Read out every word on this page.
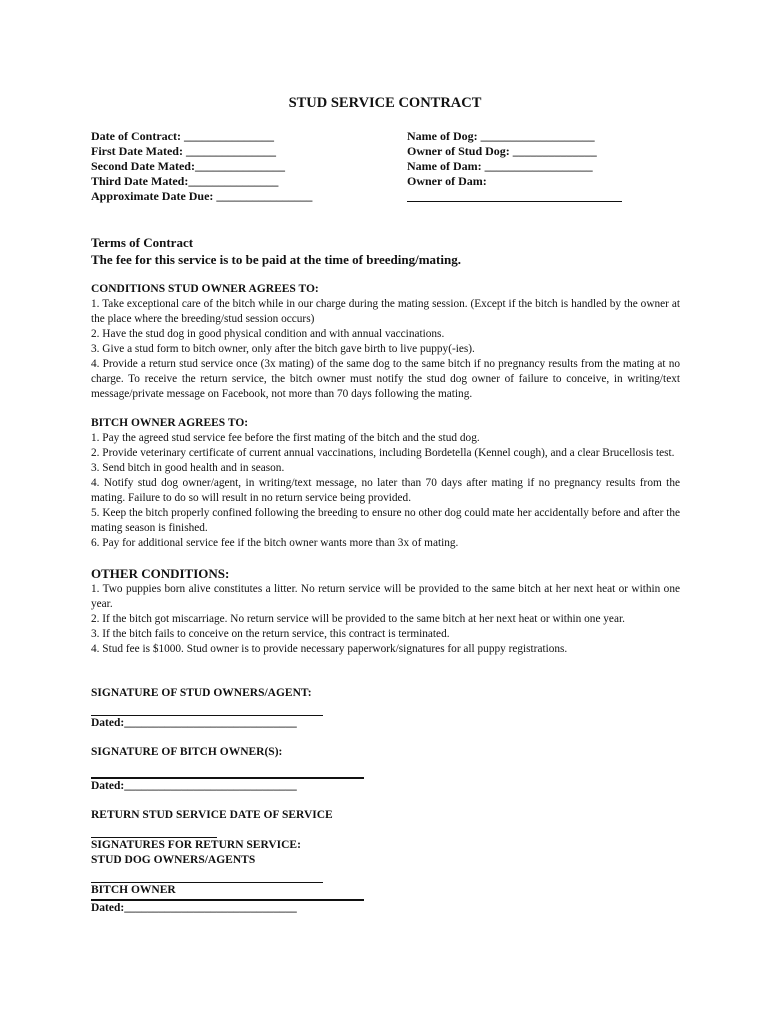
STUD SERVICE CONTRACT
Date of Contract: _______________
First Date Mated: _______________
Second Date Mated:_______________
Third Date Mated:_______________
Approximate Date Due: ________________
Name of Dog: ___________________
Owner of Stud Dog: ______________
Name of Dam: __________________
Owner of Dam:
Terms of Contract
The fee for this service is to be paid at the time of breeding/mating.
CONDITIONS STUD OWNER AGREES TO:
1. Take exceptional care of the bitch while in our charge during the mating session. (Except if the bitch is handled by the owner at the place where the breeding/stud session occurs)
2. Have the stud dog in good physical condition and with annual vaccinations.
3. Give a stud form to bitch owner, only after the bitch gave birth to live puppy(-ies).
4. Provide a return stud service once (3x mating) of the same dog to the same bitch if no pregnancy results from the mating at no charge. To receive the return service, the bitch owner must notify the stud dog owner of failure to conceive, in writing/text message/private message on Facebook, not more than 70 days following the mating.
BITCH OWNER AGREES TO:
1. Pay the agreed stud service fee before the first mating of the bitch and the stud dog.
2. Provide veterinary certificate of current annual vaccinations, including Bordetella (Kennel cough), and a clear Brucellosis test.
3. Send bitch in good health and in season.
4. Notify stud dog owner/agent, in writing/text message, no later than 70 days after mating if no pregnancy results from the mating. Failure to do so will result in no return service being provided.
5. Keep the bitch properly confined following the breeding to ensure no other dog could mate her accidentally before and after the mating season is finished.
6. Pay for additional service fee if the bitch owner wants more than 3x of mating.
OTHER CONDITIONS:
1. Two puppies born alive constitutes a litter. No return service will be provided to the same bitch at her next heat or within one year.
2. If the bitch got miscarriage. No return service will be provided to the same bitch at her next heat or within one year.
3. If the bitch fails to conceive on the return service, this contract is terminated.
4. Stud fee is $1000. Stud owner is to provide necessary paperwork/signatures for all puppy registrations.
SIGNATURE OF STUD OWNERS/AGENT:
Dated:______________________________
SIGNATURE OF BITCH OWNER(S):
Dated:______________________________
RETURN STUD SERVICE DATE OF SERVICE
SIGNATURES FOR RETURN SERVICE:
STUD DOG OWNERS/AGENTS
BITCH OWNER
Dated:______________________________
